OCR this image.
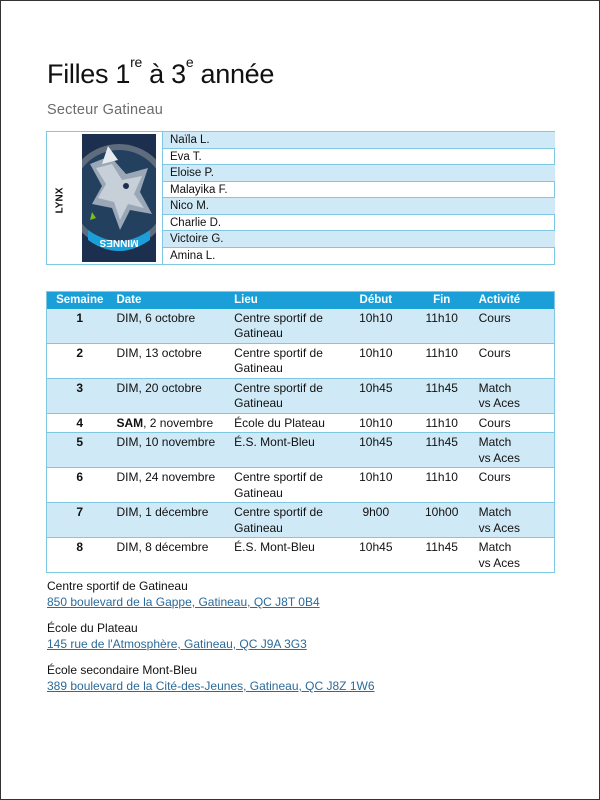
Filles 1re à 3e année
Secteur Gatineau
LYNX
MINNES
Naïla L.
Eva T.
Eloise P.
Malayika F.
Nico M.
Charlie D.
Victoire G.
Amina L.
Semaine	Date	Lieu	Début	Fin	Activité
1	DIM, 6 octobre	Centre sportif de Gatineau	10h10	11h10	Cours

2	DIM, 13 octobre	Centre sportif de Gatineau	10h10	11h10	Cours

3	DIM, 20 octobre	Centre sportif de Gatineau	10h45	11h45	Match
vs Aces

4	SAM, 2 novembre	École du Plateau	10h10	11h10	Cours

5	DIM, 10 novembre	É.S. Mont-Bleu	10h45	11h45	Match
vs Aces

6	DIM, 24 novembre	Centre sportif de Gatineau	10h10	11h10	Cours

7	DIM, 1 décembre	Centre sportif de Gatineau	9h00	10h00	Match
vs Aces

8	DIM, 8 décembre	É.S. Mont-Bleu	10h45	11h45	Match
vs Aces
Centre sportif de Gatineau
850 boulevard de la Gappe, Gatineau, QC J8T 0B4
École du Plateau
145 rue de l'Atmosphère, Gatineau, QC J9A 3G3
École secondaire Mont-Bleu
389 boulevard de la Cité-des-Jeunes, Gatineau, QC J8Z 1W6
